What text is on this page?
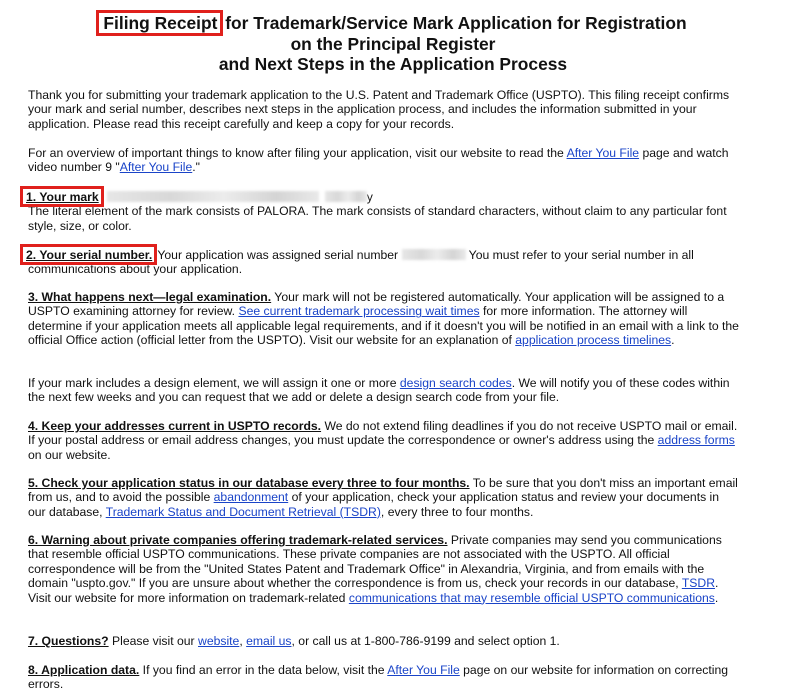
Filing Receipt for Trademark/Service Mark Application for Registration
on the Principal Register
and Next Steps in the Application Process

Thank you for submitting your trademark application to the U.S. Patent and Trademark Office (USPTO). This filing receipt confirms your mark and serial number, describes next steps in the application process, and includes the information submitted in your application. Please read this receipt carefully and keep a copy for your records.

For an overview of important things to know after filing your application, visit our website to read the After You File page and watch video number 9 "After You File."

1. Your mark	y
The literal element of the mark consists of PALORA. The mark consists of standard characters, without claim to any particular font style, size, or color.

2. Your serial number. Your application was assigned serial number	You must refer to your serial number in all communications about your application.

3. What happens next—legal examination. Your mark will not be registered automatically. Your application will be assigned to a USPTO examining attorney for review. See current trademark processing wait times for more information. The attorney will determine if your application meets all applicable legal requirements, and if it doesn't you will be notified in an email with a link to the official Office action (official letter from the USPTO). Visit our website for an explanation of application process timelines.

If your mark includes a design element, we will assign it one or more design search codes. We will notify you of these codes within the next few weeks and you can request that we add or delete a design search code from your file.

4. Keep your addresses current in USPTO records. We do not extend filing deadlines if you do not receive USPTO mail or email. If your postal address or email address changes, you must update the correspondence or owner's address using the address forms on our website.

5. Check your application status in our database every three to four months. To be sure that you don't miss an important email from us, and to avoid the possible abandonment of your application, check your application status and review your documents in our database, Trademark Status and Document Retrieval (TSDR), every three to four months.

6. Warning about private companies offering trademark-related services. Private companies may send you communications that resemble official USPTO communications. These private companies are not associated with the USPTO. All official correspondence will be from the "United States Patent and Trademark Office" in Alexandria, Virginia, and from emails with the domain "uspto.gov." If you are unsure about whether the correspondence is from us, check your records in our database, TSDR. Visit our website for more information on trademark-related communications that may resemble official USPTO communications.

7. Questions? Please visit our website, email us, or call us at 1-800-786-9199 and select option 1.

8. Application data. If you find an error in the data below, visit the After You File page on our website for information on correcting errors.
